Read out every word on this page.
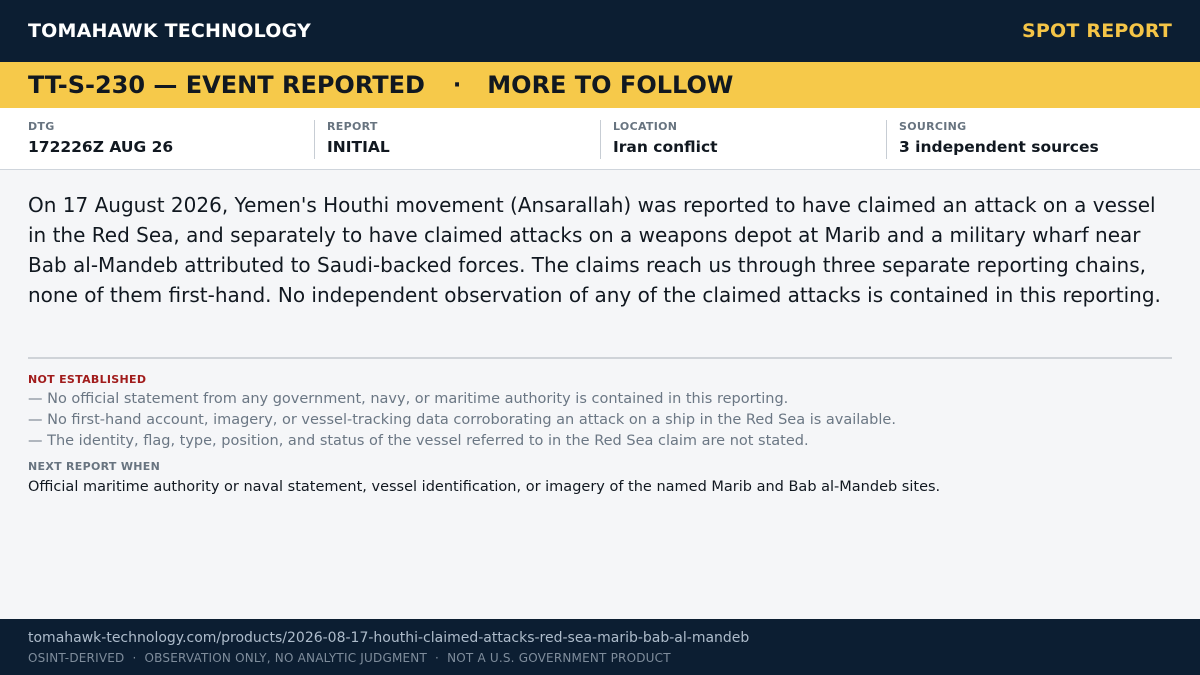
TOMAHAWK TECHNOLOGY	SPOT REPORT
TT-S-230 — EVENT REPORTED · MORE TO FOLLOW
DTG
172226Z AUG 26
REPORT
INITIAL
LOCATION
Iran conflict
SOURCING
3 independent sources

On 17 August 2026, Yemen's Houthi movement (Ansarallah) was reported to have claimed an attack on a vessel in the Red Sea, and separately to have claimed attacks on a weapons depot at Marib and a military wharf near Bab al-Mandeb attributed to Saudi-backed forces. The claims reach us through three separate reporting chains, none of them first-hand. No independent observation of any of the claimed attacks is contained in this reporting.

NOT ESTABLISHED
— No official statement from any government, navy, or maritime authority is contained in this reporting.
— No first-hand account, imagery, or vessel-tracking data corroborating an attack on a ship in the Red Sea is available.
— The identity, flag, type, position, and status of the vessel referred to in the Red Sea claim are not stated.
NEXT REPORT WHEN
Official maritime authority or naval statement, vessel identification, or imagery of the named Marib and Bab al-Mandeb sites.
tomahawk-technology.com/products/2026-08-17-houthi-claimed-attacks-red-sea-marib-bab-al-mandeb
OSINT-DERIVED  ·  OBSERVATION ONLY, NO ANALYTIC JUDGMENT  ·  NOT A U.S. GOVERNMENT PRODUCT
